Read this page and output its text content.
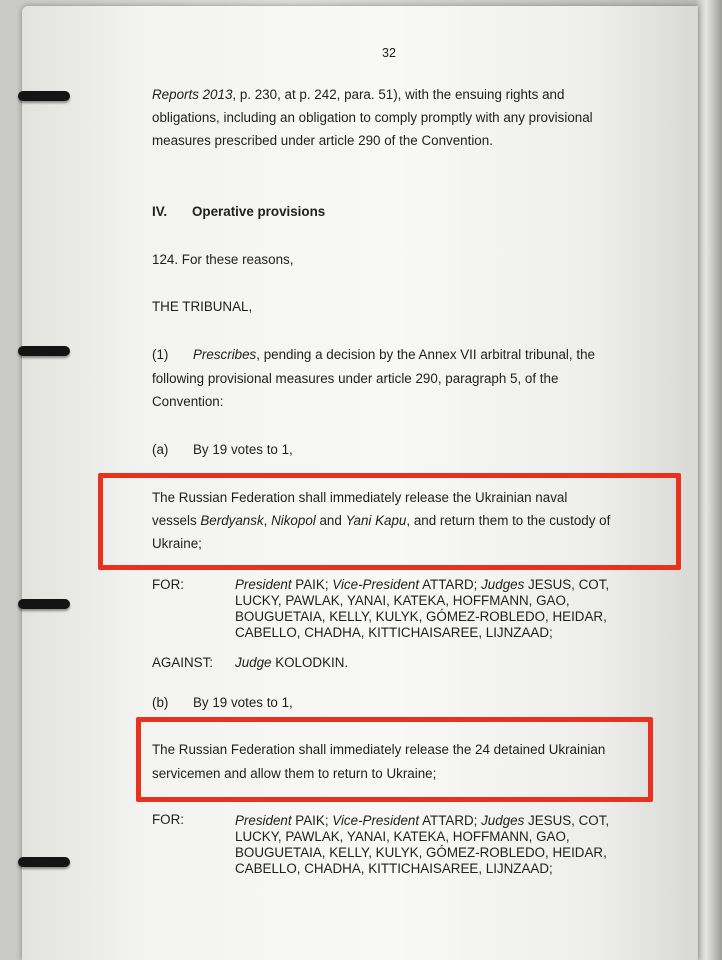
32
Reports 2013, p. 230, at p. 242, para. 51), with the ensuing rights and
obligations, including an obligation to comply promptly with any provisional
measures prescribed under article 290 of the Convention.
IV. Operative provisions
124. For these reasons,
THE TRIBUNAL,
(1) Prescribes, pending a decision by the Annex VII arbitral tribunal, the
following provisional measures under article 290, paragraph 5, of the
Convention:
(a) By 19 votes to 1,
The Russian Federation shall immediately release the Ukrainian naval
vessels Berdyansk, Nikopol and Yani Kapu, and return them to the custody of
Ukraine;
FOR:	President PAIK; Vice-President ATTARD; Judges JESUS, COT,
LUCKY, PAWLAK, YANAI, KATEKA, HOFFMANN, GAO,
BOUGUETAIA, KELLY, KULYK, GÓMEZ-ROBLEDO, HEIDAR,
CABELLO, CHADHA, KITTICHAISAREE, LIJNZAAD;
AGAINST: Judge KOLODKIN.
(b) By 19 votes to 1,
The Russian Federation shall immediately release the 24 detained Ukrainian
servicemen and allow them to return to Ukraine;
FOR:	President PAIK; Vice-President ATTARD; Judges JESUS, COT,
LUCKY, PAWLAK, YANAI, KATEKA, HOFFMANN, GAO,
BOUGUETAIA, KELLY, KULYK, GÓMEZ-ROBLEDO, HEIDAR,
CABELLO, CHADHA, KITTICHAISAREE, LIJNZAAD;
